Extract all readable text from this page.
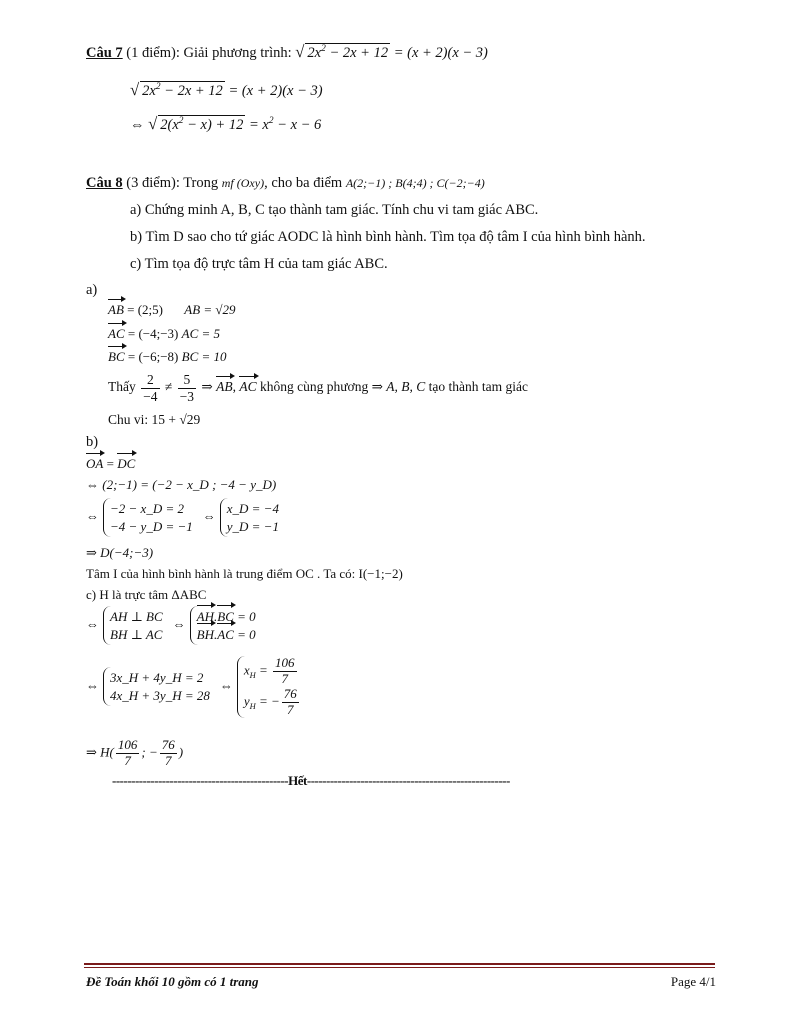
Câu 7 (1 điểm): Giải phương trình: √ $2x^2 - 2x + 12 = (x + 2)(x - 3)$
√ $2x^2 - 2x + 12 = (x + 2)(x - 3)$
⇔ √ $2(x^2 - x) + 12 = x^2 - x - 6$
Câu 8 (3 điểm): Trong mf (Oxy), cho ba điểm A(2;−1) ; B(4;4) ; C(−2;−4)
a) Chứng minh A, B, C tạo thành tam giác. Tính chu vi tam giác ABC.
b) Tìm D sao cho tứ giác AODC là hình bình hành. Tìm tọa độ tâm I của hình bình hành.
c) Tìm tọa độ trực tâm H của tam giác ABC.
a)
AB = (2;5) AB = √29
AC = (−4;−3) AC = 5
BC = (−6;−8) BC = 10
Thấy $\frac{2}{-4} \ne \frac{5}{-3}$ ⇒ AB, AC không cùng phương ⇒ A, B, C tạo thành tam giác
Chu vi: 15 + √29
b)
OA = DC
⇔ (2;−1) = (−2 − x_D ; −4 − y_D)
⇔
−2 − x_D = 2
−4 − y_D = −1
⇔
x_D = −4
y_D = −1
⇒ D(−4;−3)
Tâm I của hình bình hành là trung điểm OC . Ta có: I(−1;−2)
c) H là trực tâm ΔABC
⇔
AH ⊥ BC
BH ⊥ AC
⇔
AH.BC = 0
BH.AC = 0
⇔
3x_H + 4y_H = 2
4x_H + 3y_H = 28
⇔
$x_H = \frac{106}{7}$
$y_H$ = − $\frac{76}{7}$
⇒ $H( \frac{106}{7}$ ; − $\frac{76}{7}$ )
----------------------------------------------Hết-----------------------------------------------------
Đề Toán khối 10 gồm có 1 trang	Page 4/1
